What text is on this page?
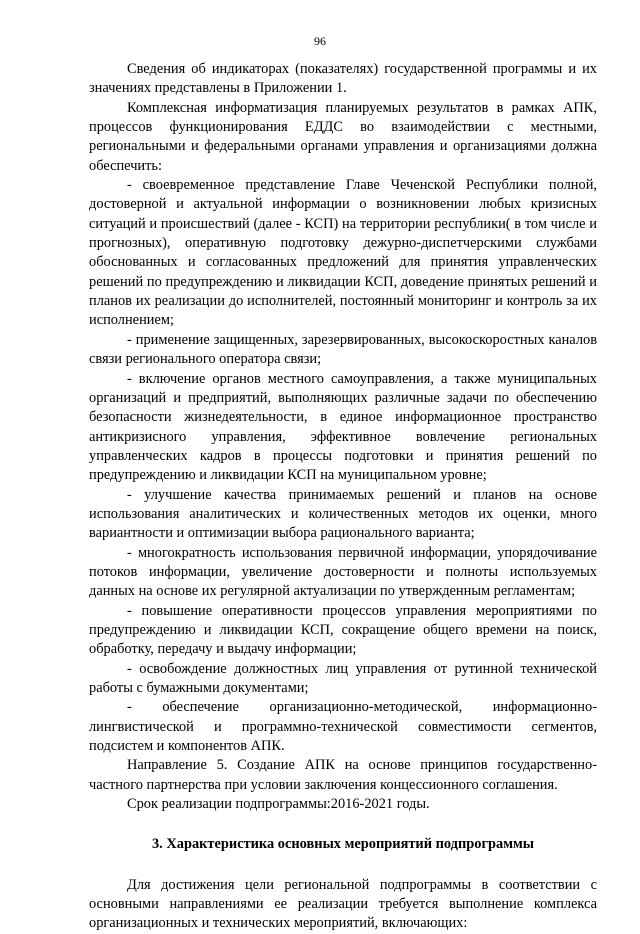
96

Сведения об индикаторах (показателях) государственной программы и их значениях представлены в Приложении 1.

Комплексная информатизация планируемых результатов в рамках АПК, процессов функционирования ЕДДС во взаимодействии с местными, региональными и федеральными органами управления и организациями должна обеспечить:

- своевременное представление Главе Чеченской Республики полной, достоверной и актуальной информации о возникновении любых кризисных ситуаций и происшествий (далее - КСП) на территории республики( в том числе и прогнозных), оперативную подготовку дежурно-диспетчерскими службами обоснованных и согласованных предложений для принятия управленческих решений по предупреждению и ликвидации КСП, доведение принятых решений и планов их реализации до исполнителей, постоянный мониторинг и контроль за их исполнением;

- применение защищенных, зарезервированных, высокоскоростных каналов связи регионального оператора связи;

- включение органов местного самоуправления, а также муниципальных организаций и предприятий, выполняющих различные задачи по обеспечению безопасности жизнедеятельности, в единое информационное пространство антикризисного управления, эффективное вовлечение региональных управленческих кадров в процессы подготовки и принятия решений по предупреждению и ликвидации КСП на муниципальном уровне;

- улучшение качества принимаемых решений и планов на основе использования аналитических и количественных методов их оценки, много вариантности и оптимизации выбора рационального варианта;

- многократность использования первичной информации, упорядочивание потоков информации, увеличение достоверности и полноты используемых данных на основе их регулярной актуализации по утвержденным регламентам;

- повышение оперативности процессов управления мероприятиями по предупреждению и ликвидации КСП, сокращение общего времени на поиск, обработку, передачу и выдачу информации;

- освобождение должностных лиц управления от рутинной технической работы с бумажными документами;

- обеспечение организационно-методической, информационно-лингвистической и программно-технической совместимости сегментов, подсистем и компонентов АПК.

Направление 5. Создание АПК на основе принципов государственно-частного партнерства при условии заключения концессионного соглашения.

Срок реализации подпрограммы:2016-2021 годы.

3. Характеристика основных мероприятий подпрограммы

Для достижения цели региональной подпрограммы в соответствии с основными направлениями ее реализации требуется выполнение комплекса организационных и технических мероприятий, включающих:
